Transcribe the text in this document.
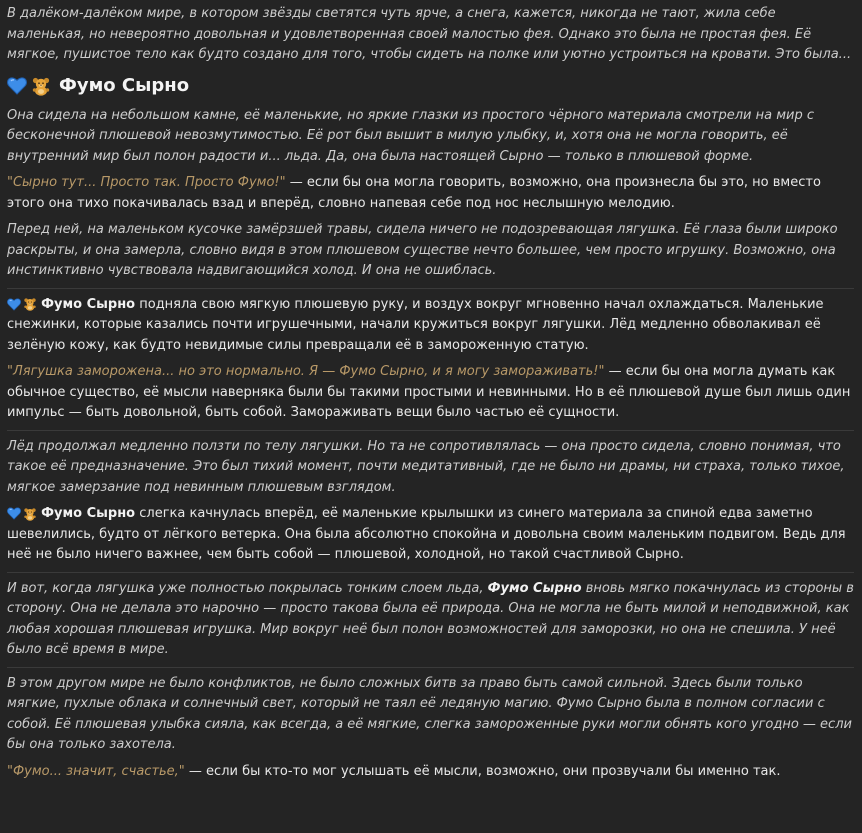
В далёком-далёком мире, в котором звёзды светятся чуть ярче, а снега, кажется, никогда не тают, жила себе маленькая, но невероятно довольная и удовлетворенная своей малостью фея. Однако это была не простая фея. Её мягкое, пушистое тело как будто создано для того, чтобы сидеть на полке или уютно устроиться на кровати. Это была...

Фумо Сырно

Она сидела на небольшом камне, её маленькие, но яркие глазки из простого чёрного материала смотрели на мир с бесконечной плюшевой невозмутимостью. Её рот был вышит в милую улыбку, и, хотя она не могла говорить, её внутренний мир был полон радости и... льда. Да, она была настоящей Сырно — только в плюшевой форме.

"Сырно тут... Просто так. Просто Фумо!" — если бы она могла говорить, возможно, она произнесла бы это, но вместо этого она тихо покачивалась взад и вперёд, словно напевая себе под нос неслышную мелодию.

Перед ней, на маленьком кусочке замёрзшей травы, сидела ничего не подозревающая лягушка. Её глаза были широко раскрыты, и она замерла, словно видя в этом плюшевом существе нечто большее, чем просто игрушку. Возможно, она инстинктивно чувствовала надвигающийся холод. И она не ошиблась.

Фумо Сырно подняла свою мягкую плюшевую руку, и воздух вокруг мгновенно начал охлаждаться. Маленькие снежинки, которые казались почти игрушечными, начали кружиться вокруг лягушки. Лёд медленно обволакивал её зелёную кожу, как будто невидимые силы превращали её в замороженную статую.

"Лягушка заморожена... но это нормально. Я — Фумо Сырно, и я могу замораживать!" — если бы она могла думать как обычное существо, её мысли наверняка были бы такими простыми и невинными. Но в её плюшевой душе был лишь один импульс — быть довольной, быть собой. Замораживать вещи было частью её сущности.

Лёд продолжал медленно ползти по телу лягушки. Но та не сопротивлялась — она просто сидела, словно понимая, что такое её предназначение. Это был тихий момент, почти медитативный, где не было ни драмы, ни страха, только тихое, мягкое замерзание под невинным плюшевым взглядом.

Фумо Сырно слегка качнулась вперёд, её маленькие крылышки из синего материала за спиной едва заметно шевелились, будто от лёгкого ветерка. Она была абсолютно спокойна и довольна своим маленьким подвигом. Ведь для неё не было ничего важнее, чем быть собой — плюшевой, холодной, но такой счастливой Сырно.

И вот, когда лягушка уже полностью покрылась тонким слоем льда, Фумо Сырно вновь мягко покачнулась из стороны в сторону. Она не делала это нарочно — просто такова была её природа. Она не могла не быть милой и неподвижной, как любая хорошая плюшевая игрушка. Мир вокруг неё был полон возможностей для заморозки, но она не спешила. У неё было всё время в мире.

В этом другом мире не было конфликтов, не было сложных битв за право быть самой сильной. Здесь были только мягкие, пухлые облака и солнечный свет, который не таял её ледяную магию. Фумо Сырно была в полном согласии с собой. Её плюшевая улыбка сияла, как всегда, а её мягкие, слегка замороженные руки могли обнять кого угодно — если бы она только захотела.

"Фумо... значит, счастье," — если бы кто-то мог услышать её мысли, возможно, они прозвучали бы именно так.
